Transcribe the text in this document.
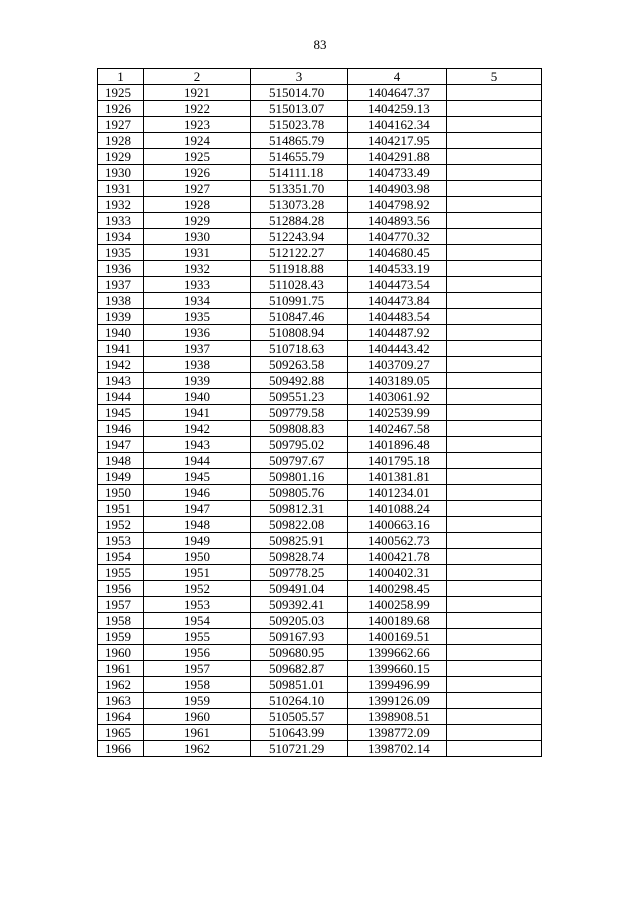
83
1	2	3	4	5
1925	1921	515014.70	1404647.37	
1926	1922	515013.07	1404259.13	
1927	1923	515023.78	1404162.34	
1928	1924	514865.79	1404217.95	
1929	1925	514655.79	1404291.88	
1930	1926	514111.18	1404733.49	
1931	1927	513351.70	1404903.98	
1932	1928	513073.28	1404798.92	
1933	1929	512884.28	1404893.56	
1934	1930	512243.94	1404770.32	
1935	1931	512122.27	1404680.45	
1936	1932	511918.88	1404533.19	
1937	1933	511028.43	1404473.54	
1938	1934	510991.75	1404473.84	
1939	1935	510847.46	1404483.54	
1940	1936	510808.94	1404487.92	
1941	1937	510718.63	1404443.42	
1942	1938	509263.58	1403709.27	
1943	1939	509492.88	1403189.05	
1944	1940	509551.23	1403061.92	
1945	1941	509779.58	1402539.99	
1946	1942	509808.83	1402467.58	
1947	1943	509795.02	1401896.48	
1948	1944	509797.67	1401795.18	
1949	1945	509801.16	1401381.81	
1950	1946	509805.76	1401234.01	
1951	1947	509812.31	1401088.24	
1952	1948	509822.08	1400663.16	
1953	1949	509825.91	1400562.73	
1954	1950	509828.74	1400421.78	
1955	1951	509778.25	1400402.31	
1956	1952	509491.04	1400298.45	
1957	1953	509392.41	1400258.99	
1958	1954	509205.03	1400189.68	
1959	1955	509167.93	1400169.51	
1960	1956	509680.95	1399662.66	
1961	1957	509682.87	1399660.15	
1962	1958	509851.01	1399496.99	
1963	1959	510264.10	1399126.09	
1964	1960	510505.57	1398908.51	
1965	1961	510643.99	1398772.09	
1966	1962	510721.29	1398702.14	
